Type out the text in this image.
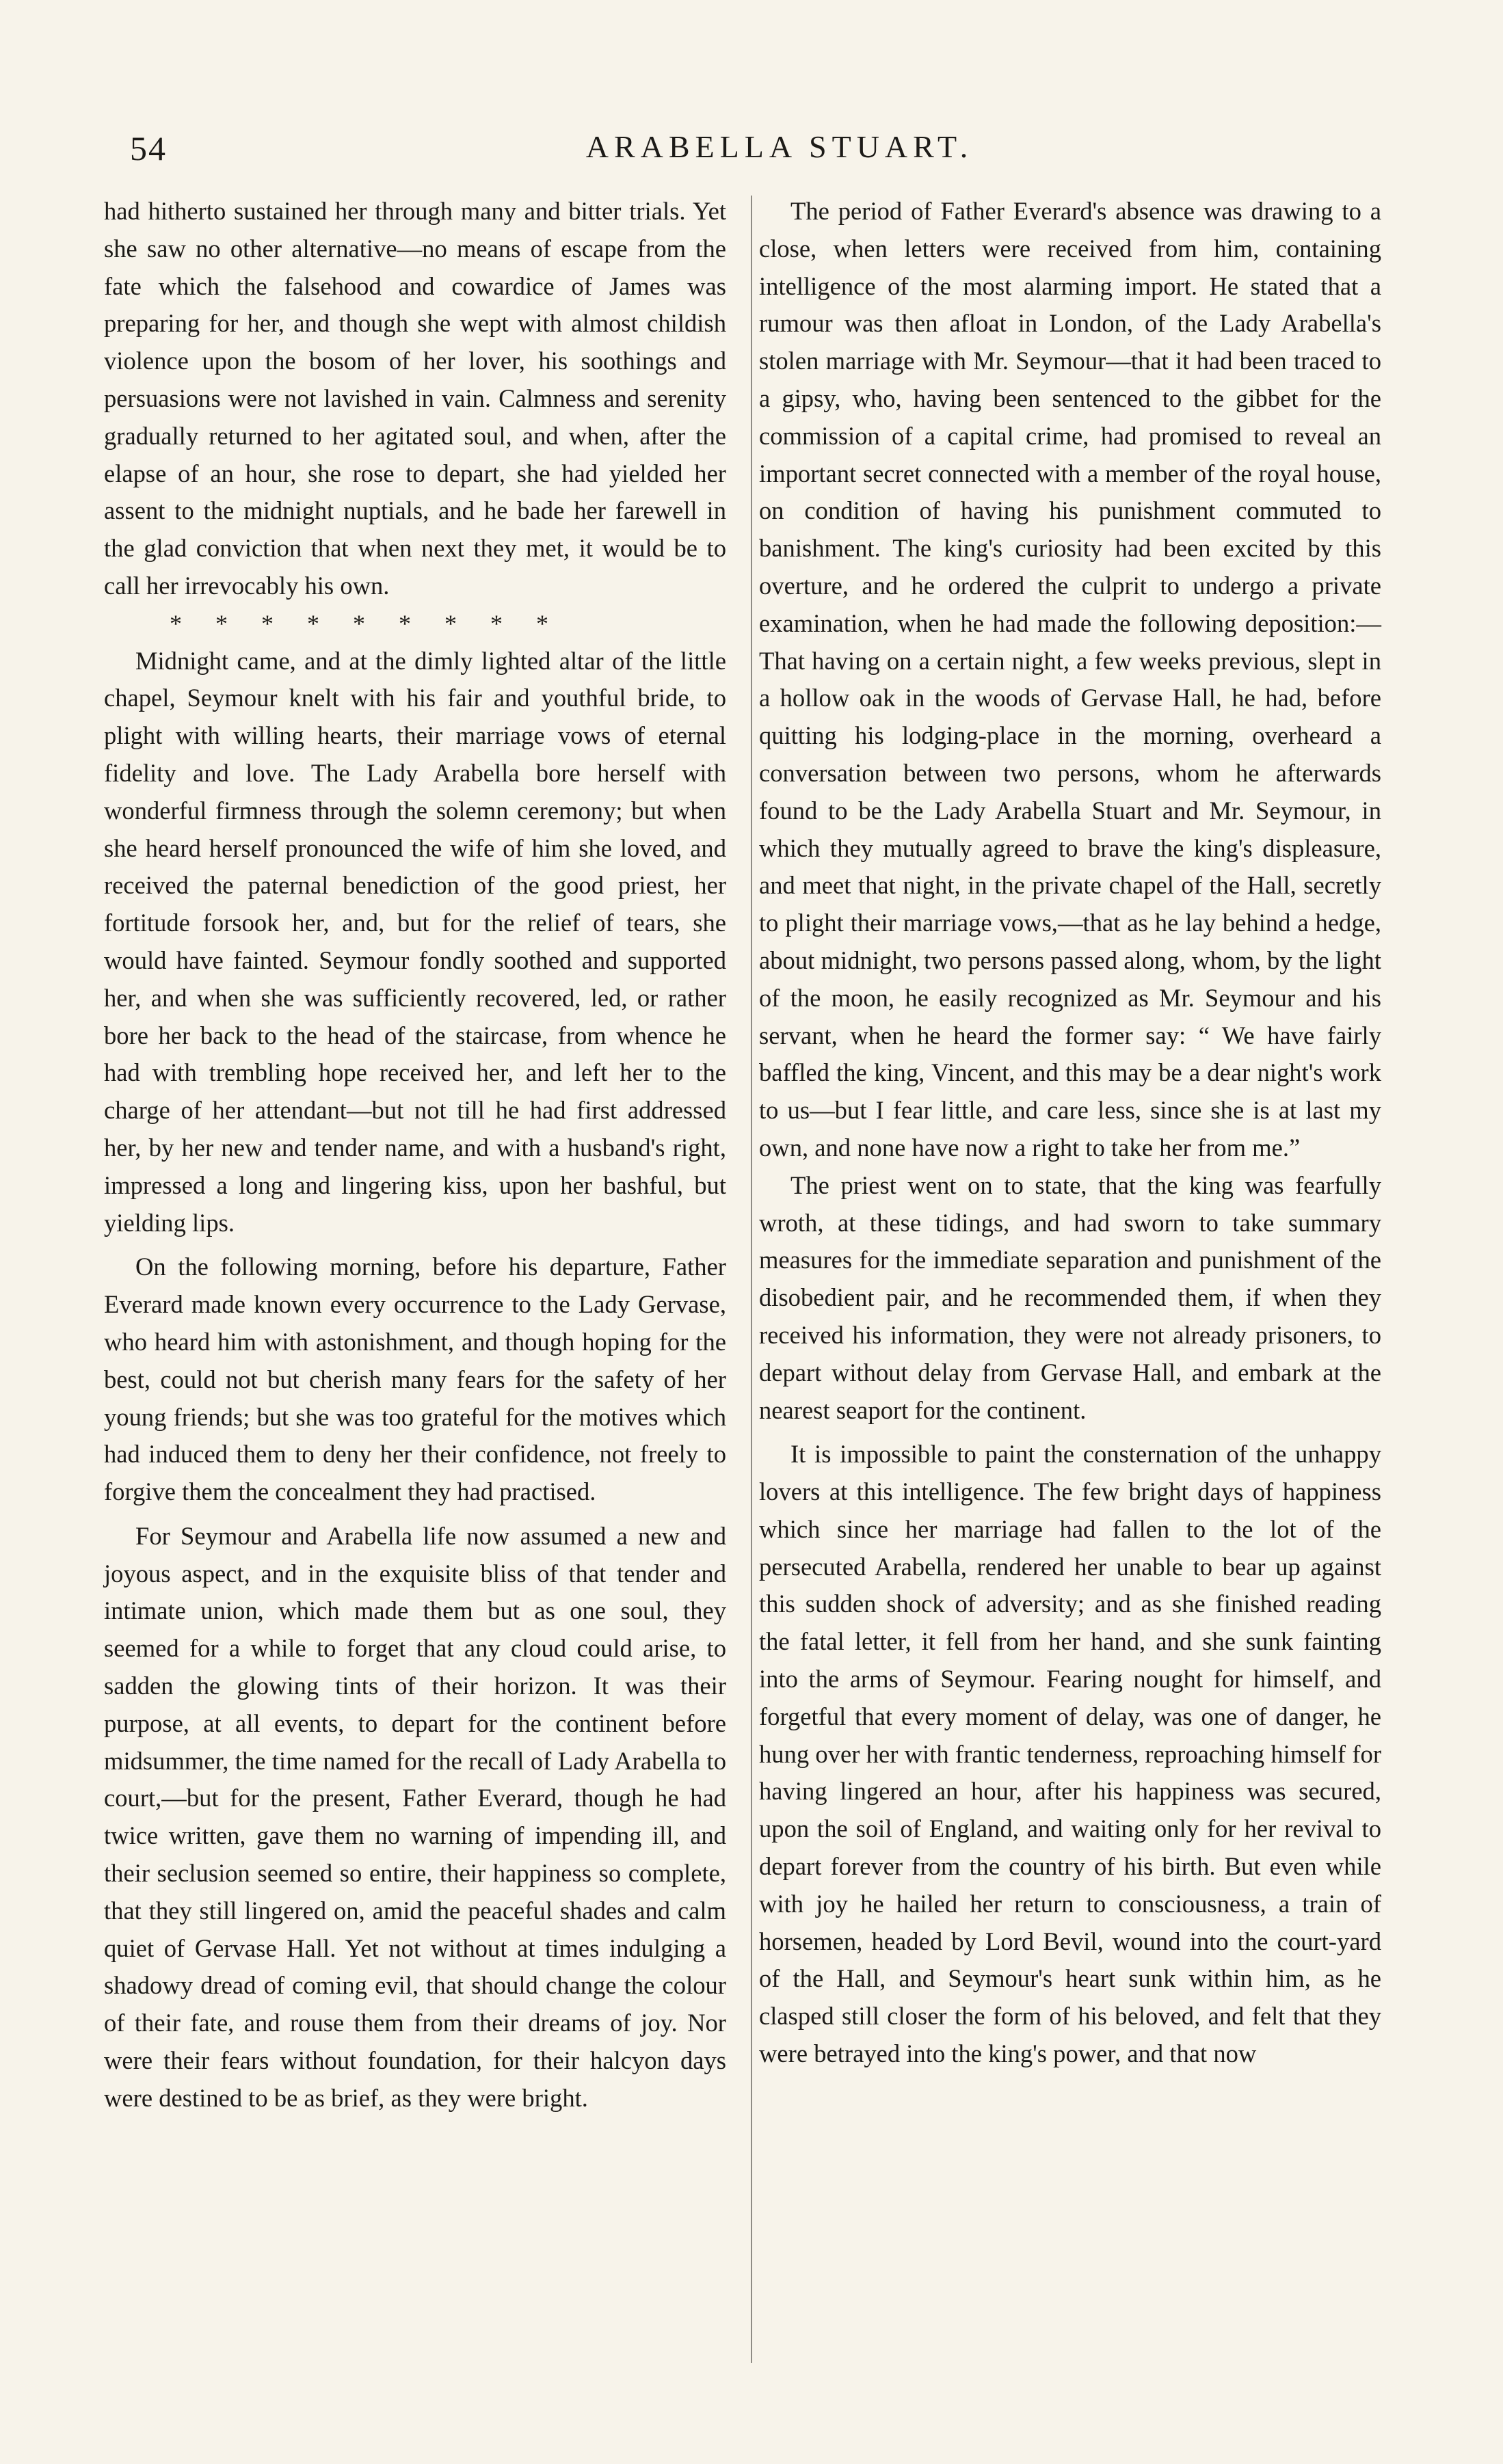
54	ARABELLA STUART.

had hitherto sustained her through many and bitter trials. Yet she saw no other alternative—no means of escape from the fate which the falsehood and cowardice of James was preparing for her, and though she wept with almost childish violence upon the bosom of her lover, his soothings and persuasions were not lavished in vain. Calmness and serenity gradually returned to her agitated soul, and when, after the elapse of an hour, she rose to depart, she had yielded her assent to the midnight nuptials, and he bade her farewell in the glad conviction that when next they met, it would be to call her irrevocably his own.

* * * * * * * * *

Midnight came, and at the dimly lighted altar of the little chapel, Seymour knelt with his fair and youthful bride, to plight with willing hearts, their marriage vows of eternal fidelity and love. The Lady Arabella bore herself with wonderful firmness through the solemn ceremony; but when she heard herself pronounced the wife of him she loved, and received the paternal benediction of the good priest, her fortitude forsook her, and, but for the relief of tears, she would have fainted. Seymour fondly soothed and supported her, and when she was sufficiently recovered, led, or rather bore her back to the head of the staircase, from whence he had with trembling hope received her, and left her to the charge of her attendant—but not till he had first addressed her, by her new and tender name, and with a husband's right, impressed a long and lingering kiss, upon her bashful, but yielding lips.

On the following morning, before his departure, Father Everard made known every occurrence to the Lady Gervase, who heard him with astonishment, and though hoping for the best, could not but cherish many fears for the safety of her young friends; but she was too grateful for the motives which had induced them to deny her their confidence, not freely to forgive them the concealment they had practised.

For Seymour and Arabella life now assumed a new and joyous aspect, and in the exquisite bliss of that tender and intimate union, which made them but as one soul, they seemed for a while to forget that any cloud could arise, to sadden the glowing tints of their horizon. It was their purpose, at all events, to depart for the continent before midsummer, the time named for the recall of Lady Arabella to court,—but for the present, Father Everard, though he had twice written, gave them no warning of impending ill, and their seclusion seemed so entire, their happiness so complete, that they still lingered on, amid the peaceful shades and calm quiet of Gervase Hall. Yet not without at times indulging a shadowy dread of coming evil, that should change the colour of their fate, and rouse them from their dreams of joy. Nor were their fears without foundation, for their halcyon days were destined to be as brief, as they were bright.

The period of Father Everard's absence was drawing to a close, when letters were received from him, containing intelligence of the most alarming import. He stated that a rumour was then afloat in London, of the Lady Arabella's stolen marriage with Mr. Seymour—that it had been traced to a gipsy, who, having been sentenced to the gibbet for the commission of a capital crime, had promised to reveal an important secret connected with a member of the royal house, on condition of having his punishment commuted to banishment. The king's curiosity had been excited by this overture, and he ordered the culprit to undergo a private examination, when he had made the following deposition:—That having on a certain night, a few weeks previous, slept in a hollow oak in the woods of Gervase Hall, he had, before quitting his lodging-place in the morning, overheard a conversation between two persons, whom he afterwards found to be the Lady Arabella Stuart and Mr. Seymour, in which they mutually agreed to brave the king's displeasure, and meet that night, in the private chapel of the Hall, secretly to plight their marriage vows,—that as he lay behind a hedge, about midnight, two persons passed along, whom, by the light of the moon, he easily recognized as Mr. Seymour and his servant, when he heard the former say: “ We have fairly baffled the king, Vincent, and this may be a dear night's work to us—but I fear little, and care less, since she is at last my own, and none have now a right to take her from me.”

The priest went on to state, that the king was fearfully wroth, at these tidings, and had sworn to take summary measures for the immediate separation and punishment of the disobedient pair, and he recommended them, if when they received his information, they were not already prisoners, to depart without delay from Gervase Hall, and embark at the nearest seaport for the continent.

It is impossible to paint the consternation of the unhappy lovers at this intelligence. The few bright days of happiness which since her marriage had fallen to the lot of the persecuted Arabella, rendered her unable to bear up against this sudden shock of adversity; and as she finished reading the fatal letter, it fell from her hand, and she sunk fainting into the arms of Seymour. Fearing nought for himself, and forgetful that every moment of delay, was one of danger, he hung over her with frantic tenderness, reproaching himself for having lingered an hour, after his happiness was secured, upon the soil of England, and waiting only for her revival to depart forever from the country of his birth. But even while with joy he hailed her return to consciousness, a train of horsemen, headed by Lord Bevil, wound into the court-yard of the Hall, and Seymour's heart sunk within him, as he clasped still closer the form of his beloved, and felt that they were betrayed into the king's power, and that now
